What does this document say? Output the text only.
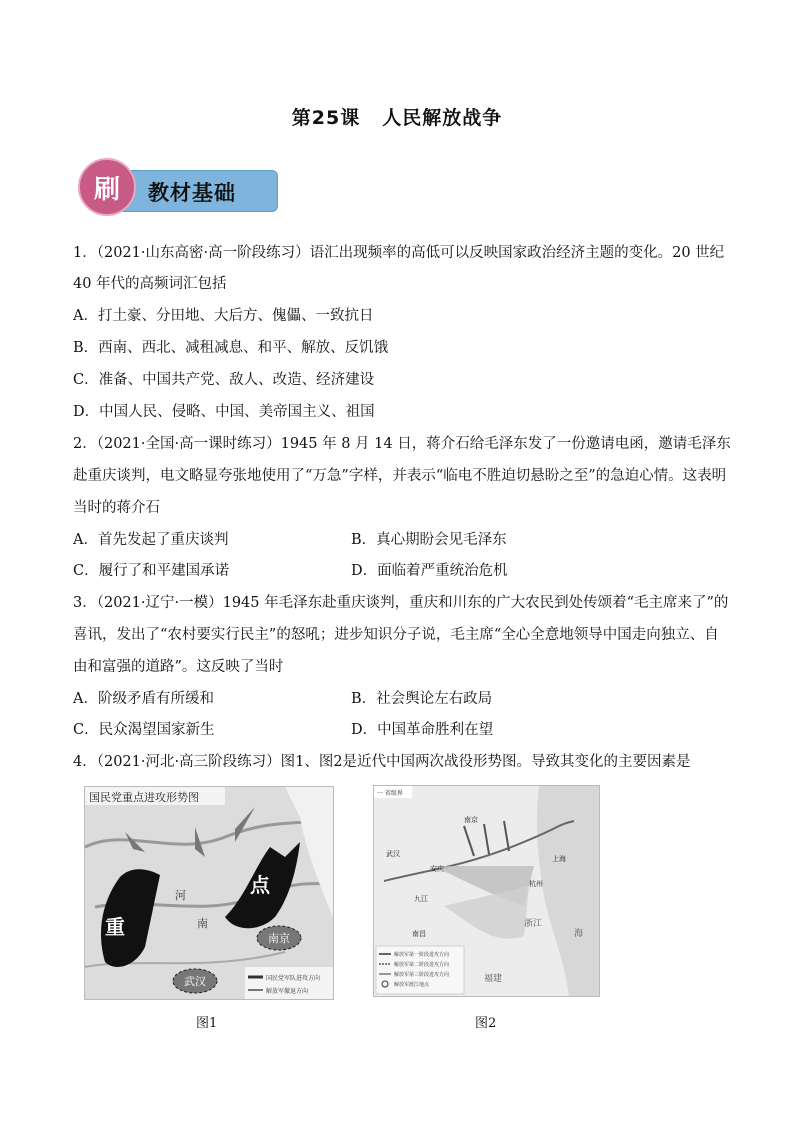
第25课 人民解放战争
刷	教材基础
1．（2021·山东高密·高一阶段练习）语汇出现频率的高低可以反映国家政治经济主题的变化。20 世纪
40 年代的高频词汇包括
A．打土豪、分田地、大后方、傀儡、一致抗日
B．西南、西北、减租减息、和平、解放、反饥饿
C．准备、中国共产党、敌人、改造、经济建设
D．中国人民、侵略、中国、美帝国主义、祖国
2．（2021·全国·高一课时练习）1945 年 8 月 14 日，蒋介石给毛泽东发了一份邀请电函，邀请毛泽东
赴重庆谈判，电文略显夸张地使用了“万急”字样，并表示“临电不胜迫切悬盼之至”的急迫心情。这表明
当时的蒋介石
A．首先发起了重庆谈判	B．真心期盼会见毛泽东
C．履行了和平建国承诺	D．面临着严重统治危机
3．（2021·辽宁·一模）1945 年毛泽东赴重庆谈判，重庆和川东的广大农民到处传颂着“毛主席来了”的
喜讯，发出了“农村要实行民主”的怒吼；进步知识分子说，毛主席“全心全意地领导中国走向独立、自
由和富强的道路”。这反映了当时
A．阶级矛盾有所缓和	B．社会舆论左右政局
C．民众渴望国家新生	D．中国革命胜利在望
4．（2021·河北·高三阶段练习）图1、图2是近代中国两次战役形势图。导致其变化的主要因素是
国民党重点进攻形势图
重
点
河
南
南京
武汉	国民党军队进攻方向
解放军撤退方向
图1
一 省级界
南京
安庆
杭州
上海
九江
南昌
武汉
浙江
福建
海
解放军第一阶段进攻方向
解放军第二阶段进攻方向
解放军第三阶段进攻方向
解放军渡江地点
图2
